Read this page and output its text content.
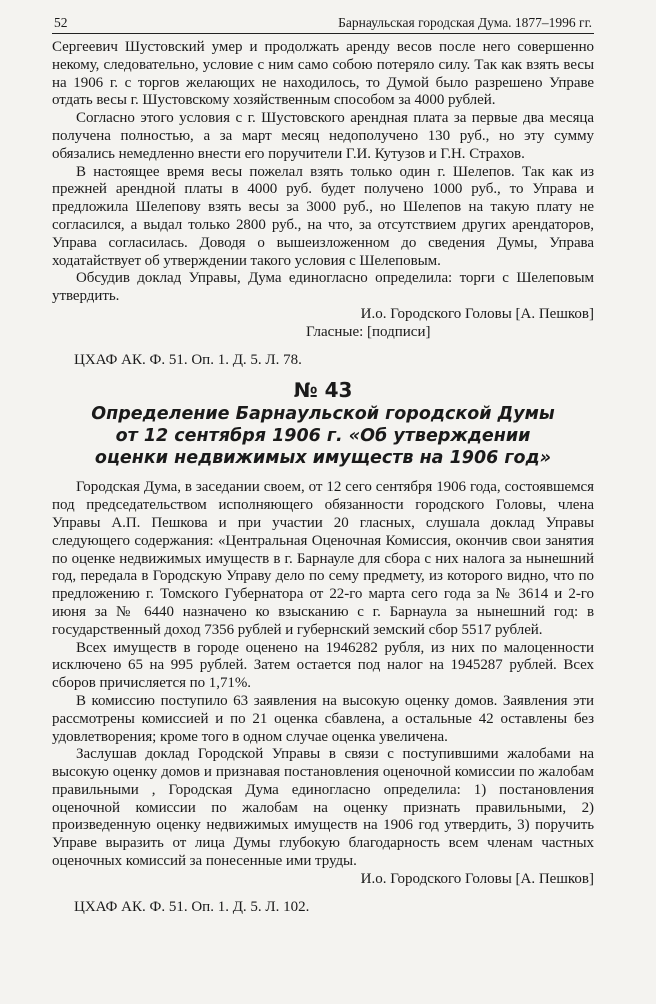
52	Барнаульская городская Дума. 1877–1996 гг.

Сергеевич Шустовский умер и продолжать аренду весов после него совершенно некому, следовательно, условие с ним само собою потеряло силу. Так как взять весы на 1906 г. с торгов желающих не находилось, то Думой было разрешено Управе отдать весы г. Шустовскому хозяйственным способом за 4000 рублей.

Согласно этого условия с г. Шустовского арендная плата за первые два месяца получена полностью, а за март месяц недополучено 130 руб., но эту сумму обязались немедленно внести его поручители Г.И. Кутузов и Г.Н. Страхов.

В настоящее время весы пожелал взять только один г. Шелепов. Так как из прежней арендной платы в 4000 руб. будет получено 1000 руб., то Управа и предложила Шелепову взять весы за 3000 руб., но Шелепов на такую плату не согласился, а выдал только 2800 руб., на что, за отсутствием других арендаторов, Управа согласилась. Доводя о вышеизложенном до сведения Думы, Управа ходатайствует об утверждении такого условия с Шелеповым.

Обсудив доклад Управы, Дума единогласно определила: торги с Шелеповым утвердить.

И.о. Городского Головы [А. Пешков]

Гласные: [подписи]

ЦХАФ АК. Ф. 51. Оп. 1. Д. 5. Л. 78.

№ 43
Определение Барнаульской городской Думы
от 12 сентября 1906 г. «Об утверждении
оценки недвижимых имуществ на 1906 год»

Городская Дума, в заседании своем, от 12 сего сентября 1906 года, состоявшемся под председательством исполняющего обязанности городского Головы, члена Управы А.П. Пешкова и при участии 20 гласных, слушала доклад Управы следующего содержания: «Центральная Оценочная Комиссия, окончив свои занятия по оценке недвижимых имуществ в г. Барнауле для сбора с них налога за нынешний год, передала в Городскую Управу дело по сему предмету, из которого видно, что по предложению г. Томского Губернатора от 22-го марта сего года за № 3614 и 2-го июня за № 6440 назначено ко взысканию с г. Барнаула за нынешний год: в государственный доход 7356 рублей и губернский земский сбор 5517 рублей.

Всех имуществ в городе оценено на 1946282 рубля, из них по малоценности исключено 65 на 995 рублей. Затем остается под налог на 1945287 рублей. Всех сборов причисляется по 1,71%.

В комиссию поступило 63 заявления на высокую оценку домов. Заявления эти рассмотрены комиссией и по 21 оценка сбавлена, а остальные 42 оставлены без удовлетворения; кроме того в одном случае оценка увеличена.

Заслушав доклад Городской Управы в связи с поступившими жалобами на высокую оценку домов и признавая постановления оценочной комиссии по жалобам правильными , Городская Дума единогласно определила: 1) постановления оценочной комиссии по жалобам на оценку признать правильными, 2) произведенную оценку недвижимых имуществ на 1906 год утвердить, 3) поручить Управе выразить от лица Думы глубокую благодарность всем членам частных оценочных комиссий за понесенные ими труды.

И.о. Городского Головы [А. Пешков]

ЦХАФ АК. Ф. 51. Оп. 1. Д. 5. Л. 102.
